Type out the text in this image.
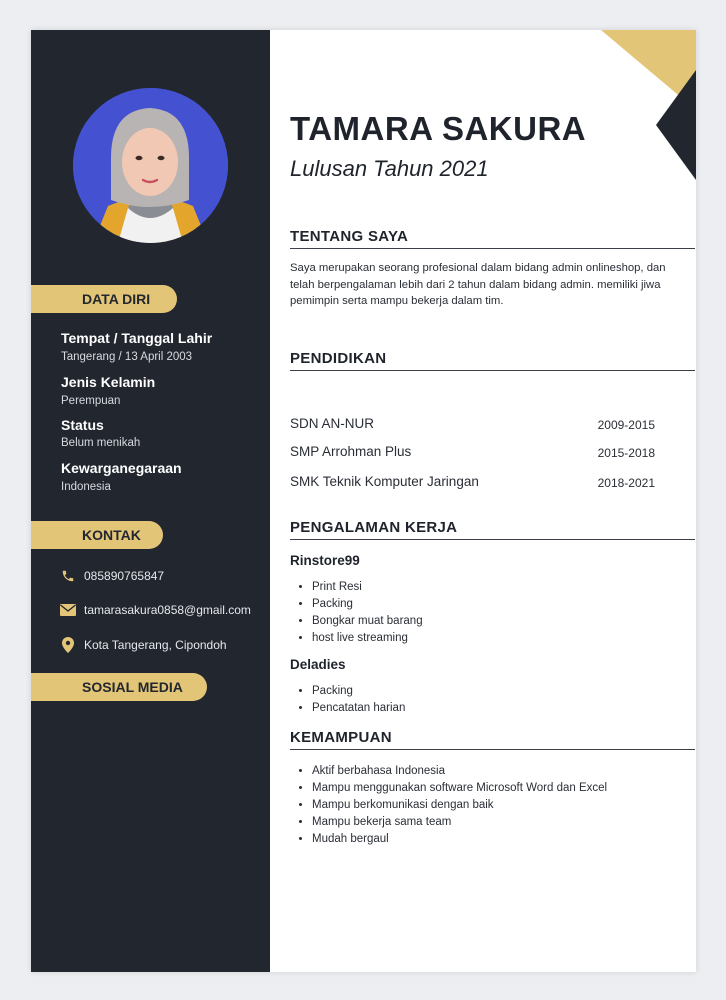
DATA DIRI
Tempat / Tanggal Lahir
Tangerang / 13 April 2003
Jenis Kelamin
Perempuan
Status
Belum menikah
Kewarganegaraan
Indonesia
KONTAK
085890765847
tamarasakura0858@gmail.com
Kota Tangerang, Cipondoh
SOSIAL MEDIA
TAMARA SAKURA
Lulusan Tahun 2021
TENTANG SAYA
Saya merupakan seorang profesional dalam bidang admin onlineshop, dan telah berpengalaman lebih dari 2 tahun dalam bidang admin. memiliki jiwa pemimpin serta mampu bekerja dalam tim.
PENDIDIKAN
SDN AN-NUR	2009-2015
SMP Arrohman Plus	2015-2018
SMK Teknik Komputer Jaringan	2018-2021
PENGALAMAN KERJA
Rinstore99
• Print Resi
• Packing
• Bongkar muat barang
• host live streaming
Deladies
• Packing
• Pencatatan harian
KEMAMPUAN
• Aktif berbahasa Indonesia
• Mampu menggunakan software Microsoft Word dan Excel
• Mampu berkomunikasi dengan baik
• Mampu bekerja sama team
• Mudah bergaul
